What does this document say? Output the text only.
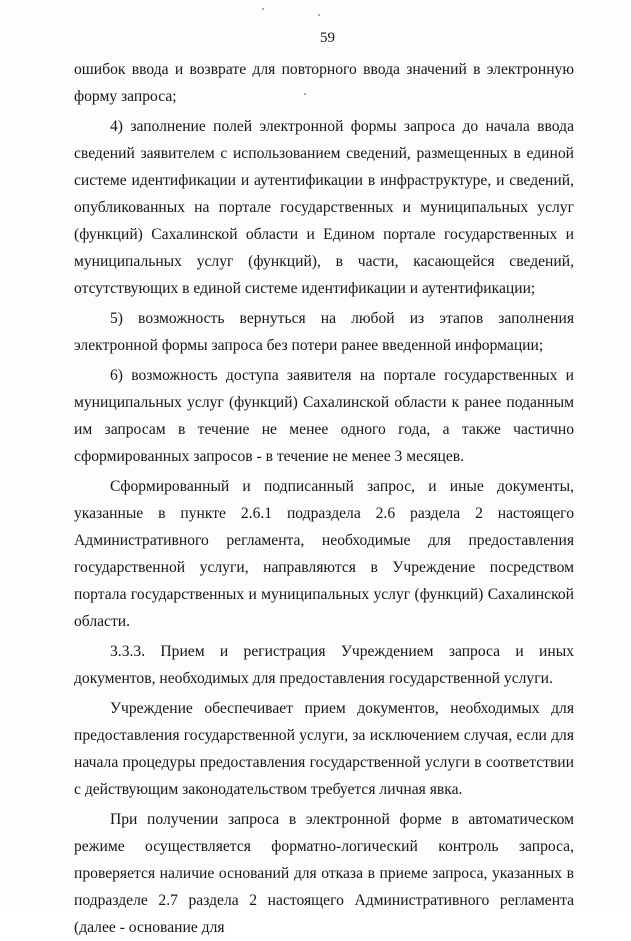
59

ошибок ввода и возврате для повторного ввода значений в электронную форму запроса;

4) заполнение полей электронной формы запроса до начала ввода сведений заявителем с использованием сведений, размещенных в единой системе идентификации и аутентификации в инфраструктуре, и сведений, опубликованных на портале государственных и муниципальных услуг (функций) Сахалинской области и Едином портале государственных и муниципальных услуг (функций), в части, касающейся сведений, отсутствующих в единой системе идентификации и аутентификации;

5) возможность вернуться на любой из этапов заполнения электронной формы запроса без потери ранее введенной информации;

6) возможность доступа заявителя на портале государственных и муниципальных услуг (функций) Сахалинской области к ранее поданным им запросам в течение не менее одного года, а также частично сформированных запросов - в течение не менее 3 месяцев.

Сформированный и подписанный запрос, и иные документы, указанные в пункте 2.6.1 подраздела 2.6 раздела 2 настоящего Административного регламента, необходимые для предоставления государственной услуги, направляются в Учреждение посредством портала государственных и муниципальных услуг (функций) Сахалинской области.

3.3.3. Прием и регистрация Учреждением запроса и иных документов, необходимых для предоставления государственной услуги.

Учреждение обеспечивает прием документов, необходимых для предоставления государственной услуги, за исключением случая, если для начала процедуры предоставления государственной услуги в соответствии с действующим законодательством требуется личная явка.

При получении запроса в электронной форме в автоматическом режиме осуществляется форматно-логический контроль запроса, проверяется наличие оснований для отказа в приеме запроса, указанных в подразделе 2.7 раздела 2 настоящего Административного регламента (далее - основание для
